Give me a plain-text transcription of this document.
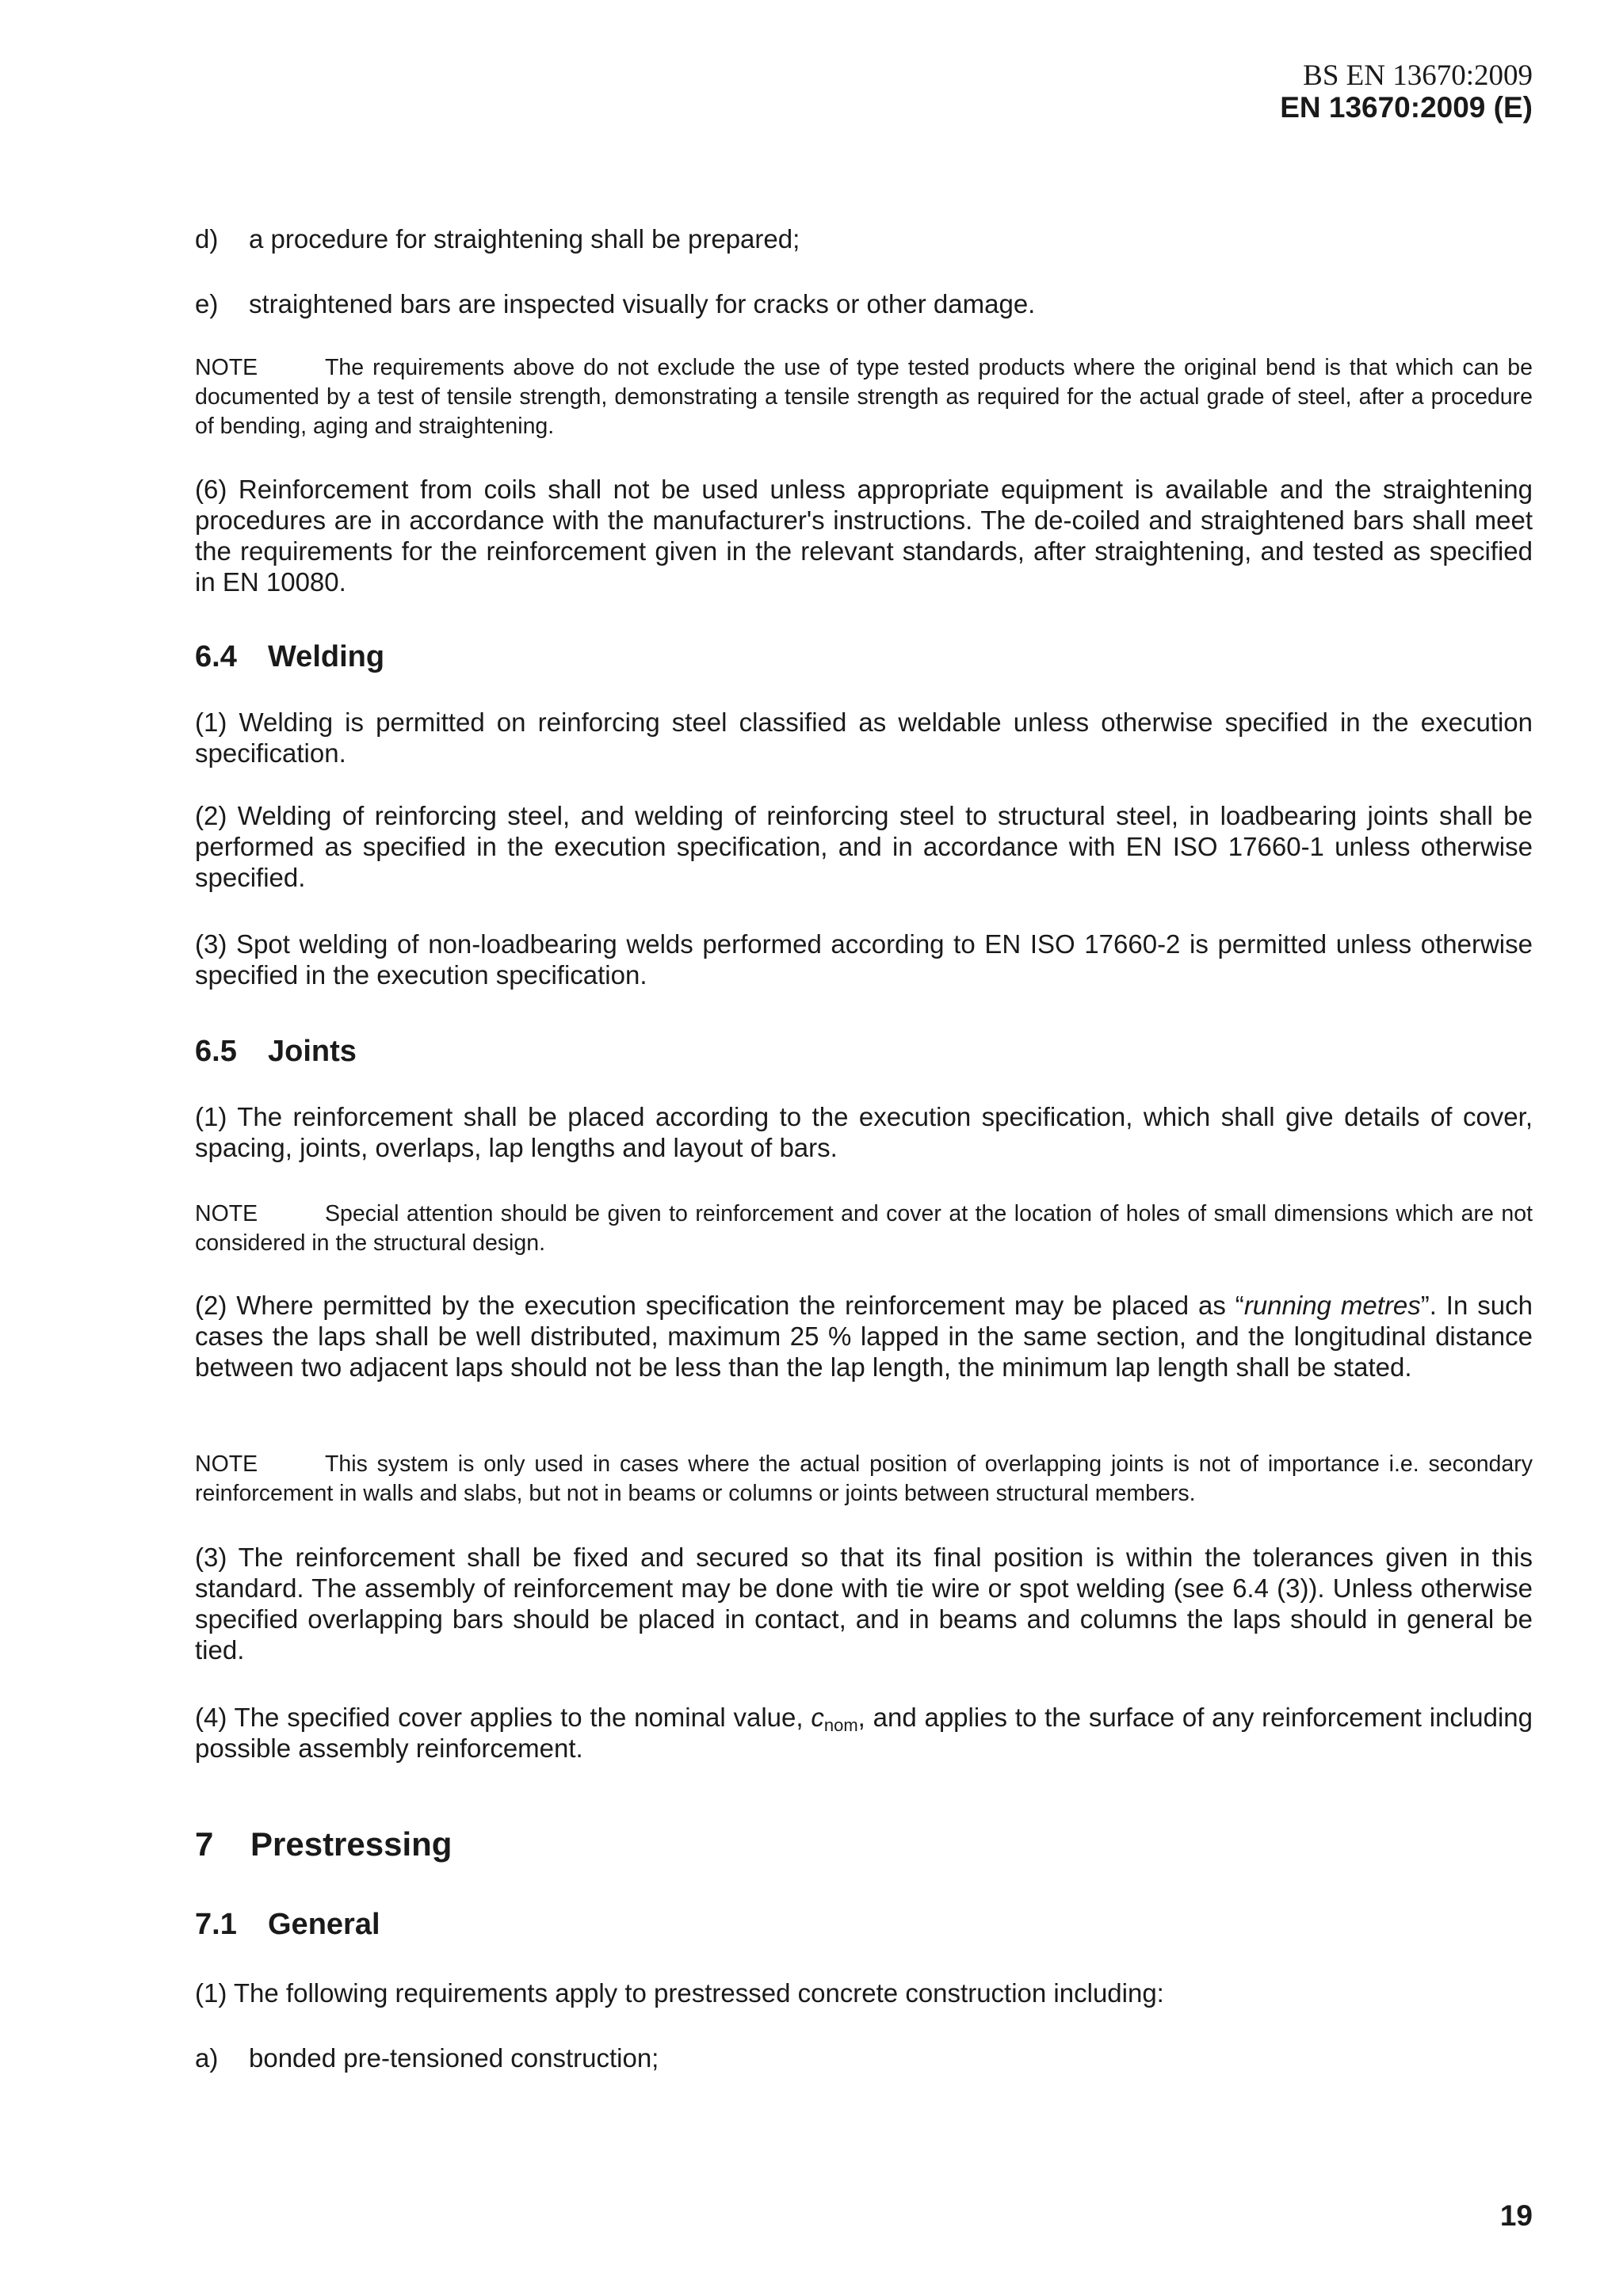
BS EN 13670:2009
EN 13670:2009 (E)
d) a procedure for straightening shall be prepared;
e) straightened bars are inspected visually for cracks or other damage.
NOTE	The requirements above do not exclude the use of type tested products where the original bend is that which can be documented by a test of tensile strength, demonstrating a tensile strength as required for the actual grade of steel, after a procedure of bending, aging and straightening.
(6) Reinforcement from coils shall not be used unless appropriate equipment is available and the straightening procedures are in accordance with the manufacturer's instructions. The de-coiled and straightened bars shall meet the requirements for the reinforcement given in the relevant standards, after straightening, and tested as specified in EN 10080.
6.4 Welding
(1) Welding is permitted on reinforcing steel classified as weldable unless otherwise specified in the execution specification.
(2) Welding of reinforcing steel, and welding of reinforcing steel to structural steel, in loadbearing joints shall be performed as specified in the execution specification, and in accordance with EN ISO 17660-1 unless otherwise specified.
(3) Spot welding of non-loadbearing welds performed according to EN ISO 17660-2 is permitted unless otherwise specified in the execution specification.
6.5 Joints
(1) The reinforcement shall be placed according to the execution specification, which shall give details of cover, spacing, joints, overlaps, lap lengths and layout of bars.
NOTE	Special attention should be given to reinforcement and cover at the location of holes of small dimensions which are not considered in the structural design.
(2) Where permitted by the execution specification the reinforcement may be placed as “running metres”. In such cases the laps shall be well distributed, maximum 25 % lapped in the same section, and the longitudinal distance between two adjacent laps should not be less than the lap length, the minimum lap length shall be stated.
NOTE	This system is only used in cases where the actual position of overlapping joints is not of importance i.e. secondary reinforcement in walls and slabs, but not in beams or columns or joints between structural members.
(3) The reinforcement shall be fixed and secured so that its final position is within the tolerances given in this standard. The assembly of reinforcement may be done with tie wire or spot welding (see 6.4 (3)). Unless otherwise specified overlapping bars should be placed in contact, and in beams and columns the laps should in general be tied.
(4) The specified cover applies to the nominal value, $c_{nom}$, and applies to the surface of any reinforcement including possible assembly reinforcement.
7 Prestressing
7.1 General
(1) The following requirements apply to prestressed concrete construction including:
a) bonded pre-tensioned construction;
19
